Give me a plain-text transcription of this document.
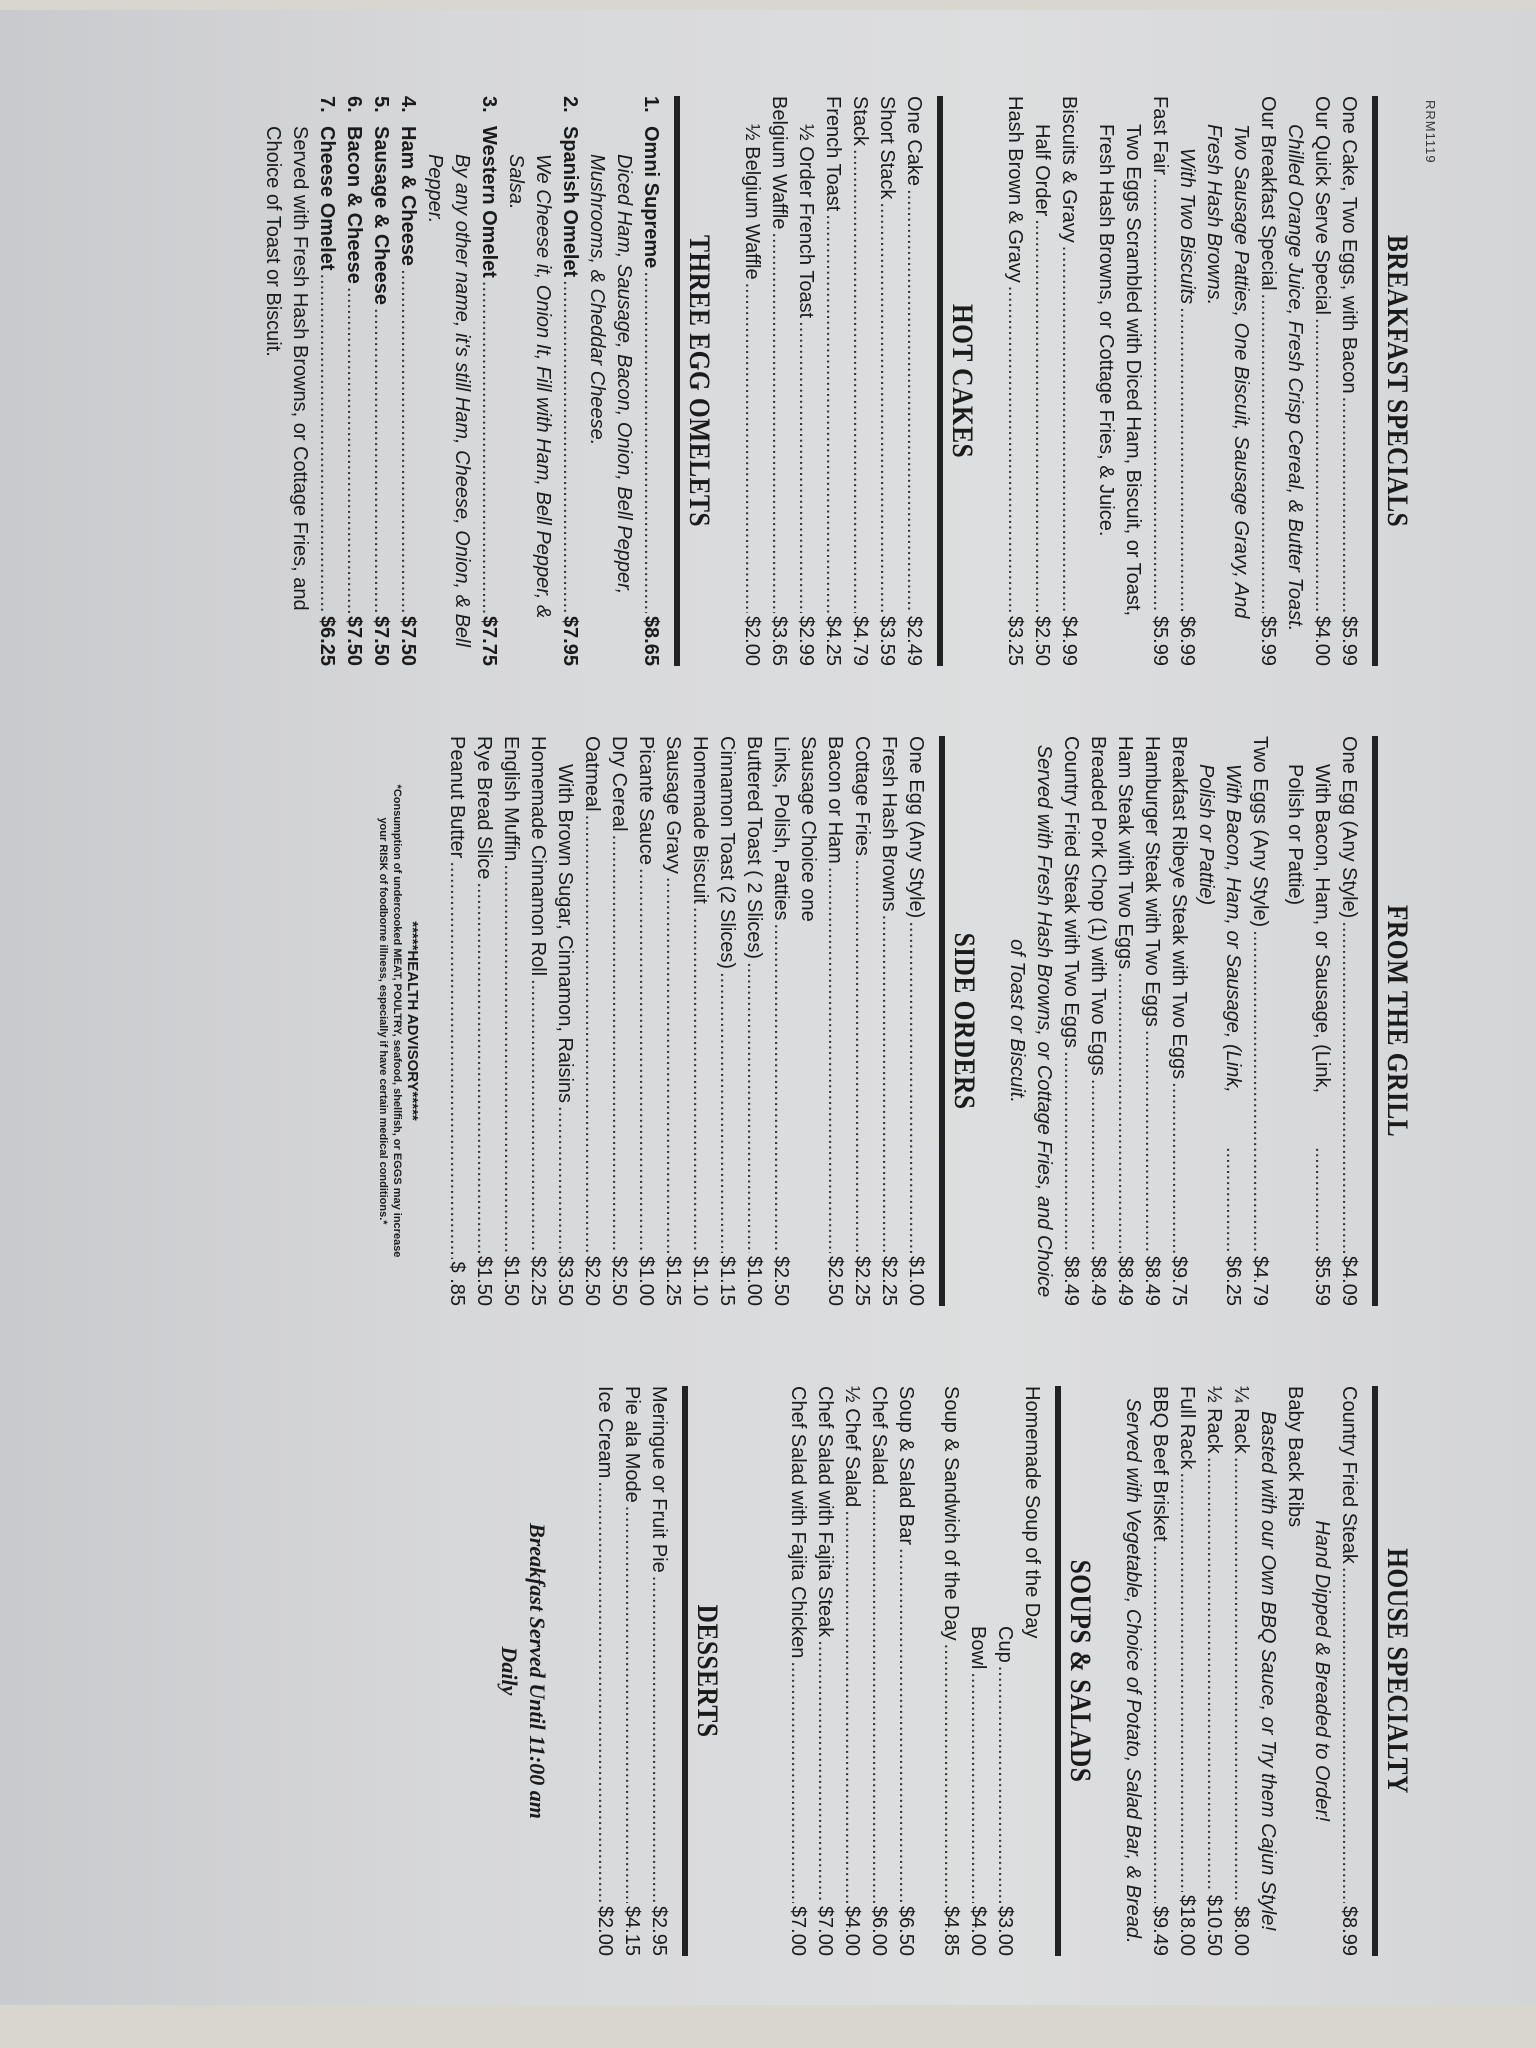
RRM1119
BREAKFAST SPECIALS
One Cake, Two Eggs, with Bacon
.....
$5.99
Our Quick Serve Special
.....
$4.00
Chilled Orange Juice, Fresh Crisp Cereal, & Butter Toast.
Our Breakfast Special
.....
$5.99
Two Sausage Patties, One Biscuit, Sausage Gravy, And Fresh Hash Browns.
With Two Biscuits
.....
$6.99
Fast Fair
.....
$5.99
Two Eggs Scrambled with Diced Ham, Biscuit, or Toast, Fresh Hash Browns, or Cottage Fries, & Juice.
Biscuits & Gravy
.....
$4.99
Half Order
.....
$2.50
Hash Brown & Gravy
.....
$3.25
HOT CAKES
One Cake
.....
$2.49
Short Stack
.....
$3.59
Stack
.....
$4.79
French Toast
.....
$4.25
½ Order French Toast
.....
$2.99
Belgium Waffle
.....
$3.65
½ Belgium Waffle
.....
$2.00
THREE EGG OMELETS
1.Omni Supreme
.....
$8.65
Diced Ham, Sausage, Bacon, Onion, Bell Pepper, Mushrooms, & Cheddar Cheese.
2.Spanish Omelet
.....
$7.95
We Cheese it, Onion It, Fill with Ham, Bell Pepper, & Salsa.
3.Western Omelet
.....
$7.75
By any other name, it's still Ham, Cheese, Onion, & Bell Pepper.
4.Ham & Cheese
.....
$7.50
5.Sausage & Cheese
.....
$7.50
6.Bacon & Cheese
.....
$7.50
7.Cheese Omelet
.....
$6.25
Served with Fresh Hash Browns, or Cottage Fries, and Choice of Toast or Biscuit.
FROM THE GRILL
One Egg (Any Style)
.....
$4.09
With Bacon, Ham, or Sausage, (Link, Polish or Pattie)
.....
$5.59
Two Eggs (Any Style)
.....
$4.79
With Bacon, Ham, or Sausage, (Link, Polish or Pattie)
.....
$6.25
Breakfast Ribeye Steak with Two Eggs
.....
$9.75
Hamburger Steak with Two Eggs
.....
$8.49
Ham Steak with Two Eggs
.....
$8.49
Breaded Pork Chop (1) with Two Eggs
.....
$8.49
Country Fried Steak with Two Eggs
.....
$8.49
Served with Fresh Hash Browns, or Cottage Fries, and Choice of Toast or Biscuit.
SIDE ORDERS
One Egg (Any Style)
.....
$1.00
Fresh Hash Browns
.....
$2.25
Cottage Fries
.....
$2.25
Bacon or Ham
.....
$2.50
Sausage Choice one
Links, Polish, Patties
.....
$2.50
Buttered Toast ( 2 Slices)
.....
$1.00
Cinnamon Toast (2 Slices)
.....
$1.15
Homemade Biscuit
.....
$1.10
Sausage Gravy
.....
$1.25
Picante Sauce
.....
$1.00
Dry Cereal
.....
$2.50
Oatmeal
.....
$2.50
With Brown Sugar, Cinnamon, Raisins
.....
$3.50
Homemade Cinnamon Roll
.....
$2.25
English Muffin
.....
$1.50
Rye Bread Slice
.....
$1.50
Peanut Butter
.....
$ .85
*****HEALTH ADVISORY*****
*Consumption of undercooked MEAT, POULTRY, seafood, shellfish, or EGGS may increase your RISK of foodborne illness, especially if have certain medical conditions.*
HOUSE SPECIALTY
Country Fried Steak
.....
$8.99
Hand Dipped & Breaded to Order!
Baby Back Ribs
Basted with our Own BBQ Sauce, or Try them Cajun Style!
¼ Rack
.....
$8.00
½ Rack
.....
$10.50
Full Rack
.....
$18.00
BBQ Beef Brisket
.....
$9.49
Served with Vegetable, Choice of Potato, Salad Bar, & Bread.
SOUPS & SALADS
Homemade Soup of the Day
Cup
.....
$3.00
Bowl
.....
$4.00
Soup & Sandwich of the Day
.....
$4.85
Soup & Salad Bar
.....
$6.50
Chef Salad
.....
$6.00
½ Chef Salad
.....
$4.00
Chef Salad with Fajita Steak
.....
$7.00
Chef Salad with Fajita Chicken
.....
$7.00
DESSERTS
Meringue or Fruit Pie
.....
$2.95
Pie ala Mode
.....
$4.15
Ice Cream
.....
$2.00
Breakfast Served Until 11:00 am
Daily
